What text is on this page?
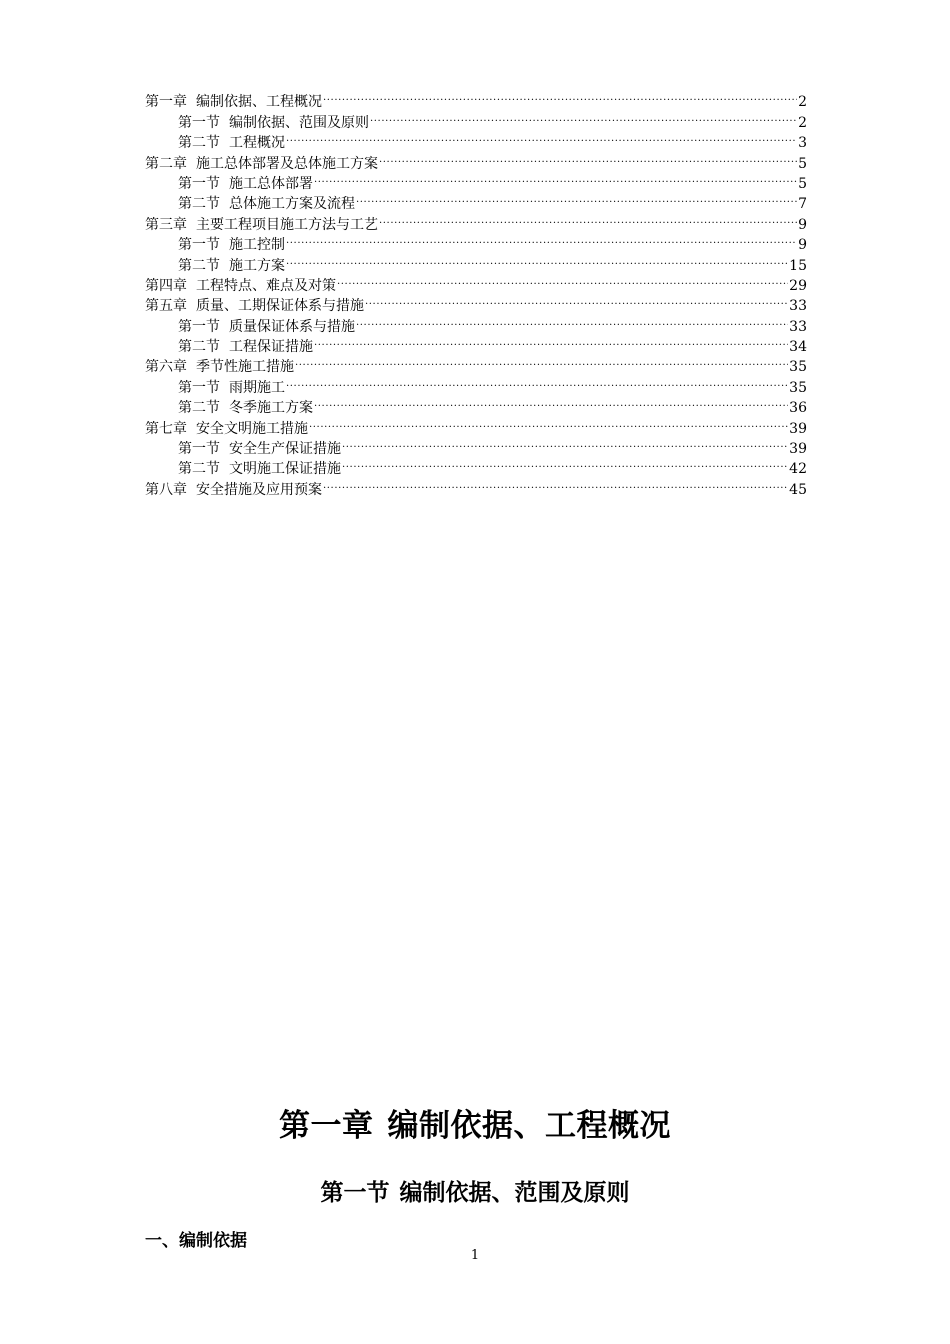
第一章 编制依据、工程概况 .....	2
第一节 编制依据、范围及原则 .....	2
第二节 工程概况 .....	3
第二章 施工总体部署及总体施工方案 .....	5
第一节 施工总体部署 .....	5
第二节 总体施工方案及流程 .....	7
第三章 主要工程项目施工方法与工艺 .....	9
第一节 施工控制 .....	9
第二节 施工方案 .....	15
第四章 工程特点、难点及对策 .....	29
第五章 质量、工期保证体系与措施 .....	33
第一节 质量保证体系与措施 .....	33
第二节 工程保证措施 .....	34
第六章 季节性施工措施 .....	35
第一节 雨期施工 .....	35
第二节 冬季施工方案 .....	36
第七章 安全文明施工措施 .....	39
第一节 安全生产保证措施 .....	39
第二节 文明施工保证措施 .....	42
第八章 安全措施及应用预案 .....	45
第一章 编制依据、工程概况
第一节 编制依据、范围及原则
一、编制依据
1
